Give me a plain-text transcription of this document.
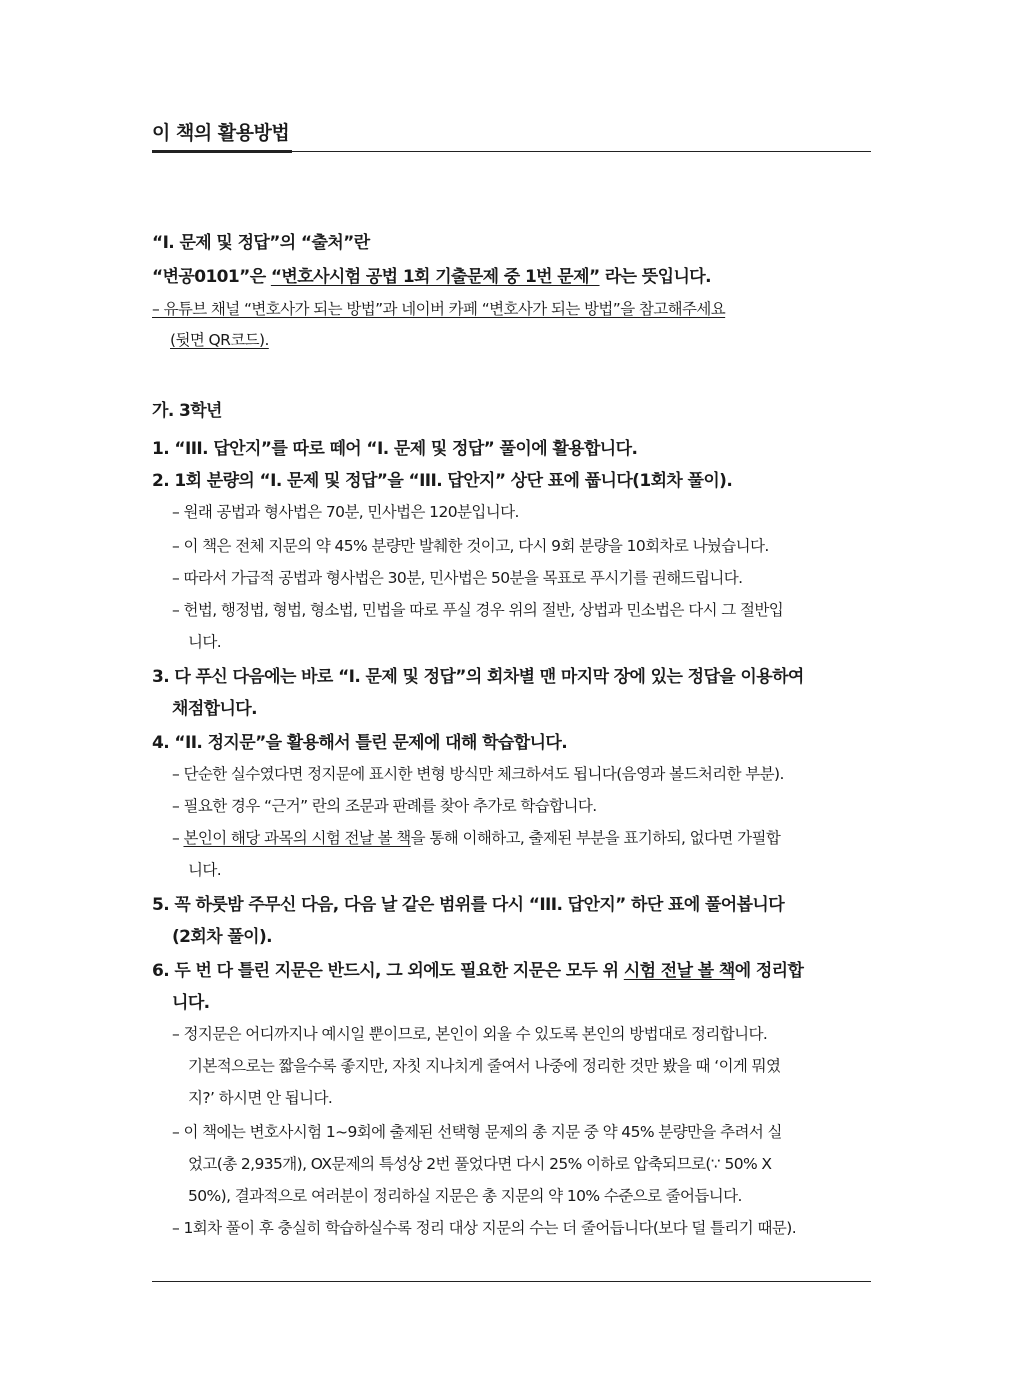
이 책의 활용방법
“I. 문제 및 정답”의 “출처”란
“변공0101”은 “변호사시험 공법 1회 기출문제 중 1번 문제” 라는 뜻입니다.
– 유튜브 채널 “변호사가 되는 방법”과 네이버 카페 “변호사가 되는 방법”을 참고해주세요
(뒷면 QR코드).
가. 3학년
1. “III. 답안지”를 따로 떼어 “I. 문제 및 정답” 풀이에 활용합니다.
2. 1회 분량의 “I. 문제 및 정답”을 “III. 답안지” 상단 표에 풉니다(1회차 풀이).
– 원래 공법과 형사법은 70분, 민사법은 120분입니다.
– 이 책은 전체 지문의 약 45% 분량만 발췌한 것이고, 다시 9회 분량을 10회차로 나눴습니다.
– 따라서 가급적 공법과 형사법은 30분, 민사법은 50분을 목표로 푸시기를 권해드립니다.
– 헌법, 행정법, 형법, 형소법, 민법을 따로 푸실 경우 위의 절반, 상법과 민소법은 다시 그 절반입
니다.
3. 다 푸신 다음에는 바로 “I. 문제 및 정답”의 회차별 맨 마지막 장에 있는 정답을 이용하여
채점합니다.
4. “II. 정지문”을 활용해서 틀린 문제에 대해 학습합니다.
– 단순한 실수였다면 정지문에 표시한 변형 방식만 체크하셔도 됩니다(음영과 볼드처리한 부분).
– 필요한 경우 “근거” 란의 조문과 판례를 찾아 추가로 학습합니다.
– 본인이 해당 과목의 시험 전날 볼 책을 통해 이해하고, 출제된 부분을 표기하되, 없다면 가필합
니다.
5. 꼭 하룻밤 주무신 다음, 다음 날 같은 범위를 다시 “III. 답안지” 하단 표에 풀어봅니다
(2회차 풀이).
6. 두 번 다 틀린 지문은 반드시, 그 외에도 필요한 지문은 모두 위 시험 전날 볼 책에 정리합
니다.
– 정지문은 어디까지나 예시일 뿐이므로, 본인이 외울 수 있도록 본인의 방법대로 정리합니다.
기본적으로는 짧을수록 좋지만, 자칫 지나치게 줄여서 나중에 정리한 것만 봤을 때 ‘이게 뭐였
지?’ 하시면 안 됩니다.
– 이 책에는 변호사시험 1~9회에 출제된 선택형 문제의 총 지문 중 약 45% 분량만을 추려서 실
었고(총 2,935개), OX문제의 특성상 2번 풀었다면 다시 25% 이하로 압축되므로(∵ 50% X
50%), 결과적으로 여러분이 정리하실 지문은 총 지문의 약 10% 수준으로 줄어듭니다.
– 1회차 풀이 후 충실히 학습하실수록 정리 대상 지문의 수는 더 줄어듭니다(보다 덜 틀리기 때문).
